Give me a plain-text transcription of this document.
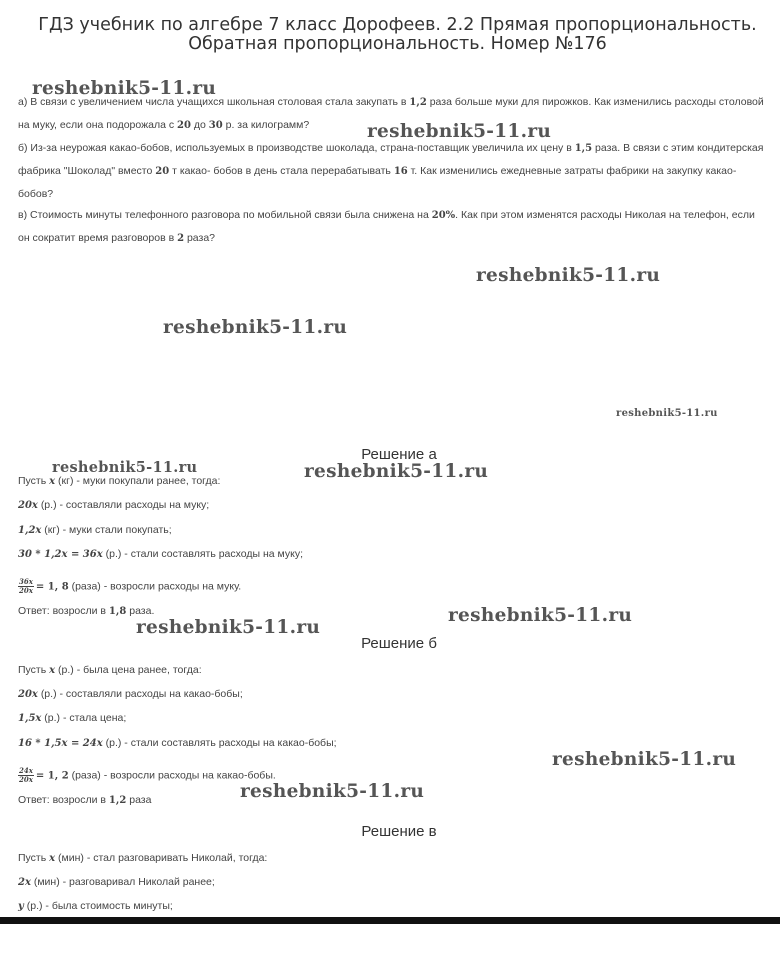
ГДЗ учебник по алгебре 7 класс Дорофеев. 2.2 Прямая пропорциональность. Обратная пропорциональность. Номер №176
а) В связи с увеличением числа учащихся школьная столовая стала закупать в 1,2 раза больше муки для пирожков. Как изменились расходы столовой на муку, если она подорожала с 20 до 30 р. за килограмм?
б) Из-за неурожая какао-бобов, используемых в производстве шоколада, страна-поставщик увеличила их цену в 1,5 раза. В связи с этим кондитерская фабрика "Шоколад" вместо 20 т какао- бобов в день стала перерабатывать 16 т. Как изменились ежедневные затраты фабрики на закупку какао-бобов?
в) Стоимость минуты телефонного разговора по мобильной связи была снижена на 20%. Как при этом изменятся расходы Николая на телефон, если он сократит время разговоров в 2 раза?
Решение а
Пусть x (кг) - муки покупали ранее, тогда:
20x (р.) - составляли расходы на муку;
1,2x (кг) - муки стали покупать;
30 * 1,2x = 36x (р.) - стали составлять расходы на муку;
$\frac{36x}{20x} = 1$, 8 (раза) - возросли расходы на муку.
Ответ: возросли в 1,8 раза.
Решение б
Пусть x (р.) - была цена ранее, тогда:
20x (р.) - составляли расходы на какао-бобы;
1,5x (р.) - стала цена;
16 * 1,5x = 24x (р.) - стали составлять расходы на какао-бобы;
$\frac{24x}{20x} = 1$, 2 (раза) - возросли расходы на какао-бобы.
Ответ: возросли в 1,2 раза
Решение в
Пусть x (мин) - стал разговаривать Николай, тогда:
2x (мин) - разговаривал Николай ранее;
y (р.) - была стоимость минуты;
reshebnik5-11.ru
reshebnik5-11.ru
reshebnik5-11.ru
reshebnik5-11.ru
reshebnik5-11.ru
reshebnik5-11.ru	reshebnik5-11.ru
reshebnik5-11.ru
reshebnik5-11.ru
reshebnik5-11.ru
reshebnik5-11.ru
